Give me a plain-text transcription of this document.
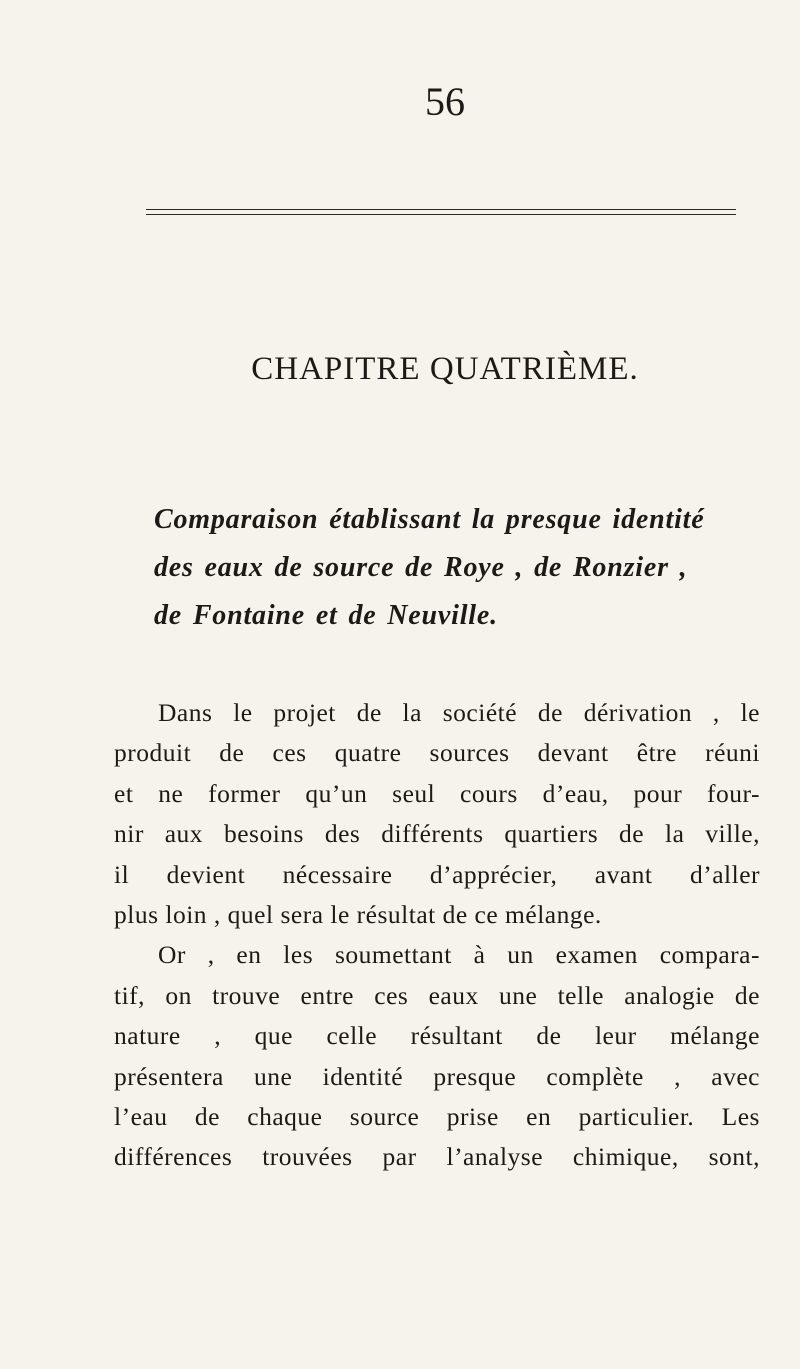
56
CHAPITRE QUATRIÈME.

Comparaison établissant la presque identité
des eaux de source de Roye , de Ronzier ,
de Fontaine et de Neuville.

Dans le projet de la société de dérivation , le
produit de ces quatre sources devant être réuni
et ne former qu’un seul cours d’eau, pour four-
nir aux besoins des différents quartiers de la ville,
il devient nécessaire d’apprécier, avant d’aller
plus loin , quel sera le résultat de ce mélange.
Or , en les soumettant à un examen compara-
tif, on trouve entre ces eaux une telle analogie de
nature , que celle résultant de leur mélange
présentera une identité presque complète , avec
l’eau de chaque source prise en particulier. Les
différences trouvées par l’analyse chimique, sont,
